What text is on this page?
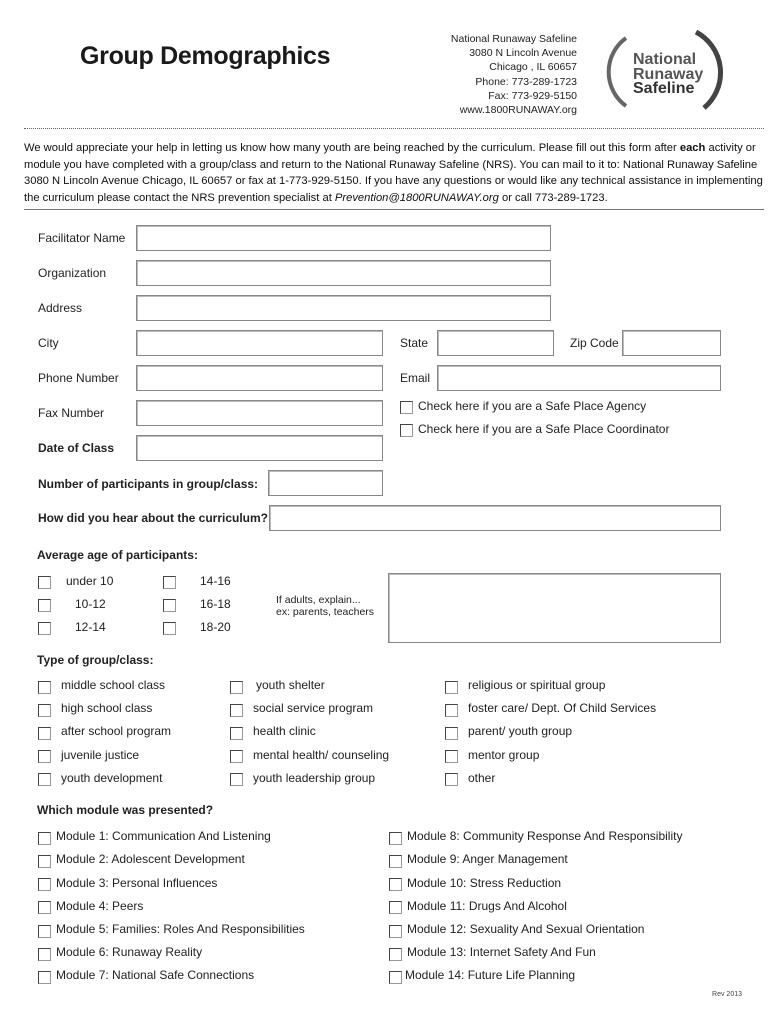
Group Demographics
National Runaway Safeline
3080 N Lincoln Avenue
Chicago , IL 60657
Phone: 773-289-1723
Fax: 773-929-5150
www.1800RUNAWAY.org
National
Runaway
Safeline
We would appreciate your help in letting us know how many youth are being reached by the curriculum. Please fill out this form after each activity or module you have completed with a group/class and return to the National Runaway Safeline (NRS). You can mail to it to: National Runaway Safeline 3080 N Lincoln Avenue Chicago, IL 60657 or fax at 1-773-929-5150. If you have any questions or would like any technical assistance in implementing the curriculum please contact the NRS prevention specialist at Prevention@1800RUNAWAY.org or call 773-289-1723.
Facilitator Name
Organization
Address
City	State	Zip Code
Phone Number	Email
Fax Number	Check here if you are a Safe Place Agency
Check here if you are a Safe Place Coordinator
Date of Class
Number of participants in group/class:
How did you hear about the curriculum?
Average age of participants:
under 10
10-12
12-14
14-16
16-18
18-20
If adults, explain...
ex: parents, teachers
Type of group/class:
middle school class
high school class
after school program
juvenile justice
youth development
youth shelter
social service program
health clinic
mental health/ counseling
youth leadership group
religious or spiritual group
foster care/ Dept. Of Child Services
parent/ youth group
mentor group
other
Which module was presented?
Module 1: Communication And Listening
Module 2: Adolescent Development
Module 3: Personal Influences
Module 4: Peers
Module 5: Families: Roles And Responsibilities
Module 6: Runaway Reality
Module 7: National Safe Connections
Module 8: Community Response And Responsibility
Module 9: Anger Management
Module 10: Stress Reduction
Module 11: Drugs And Alcohol
Module 12: Sexuality And Sexual Orientation
Module 13: Internet Safety And Fun
Module 14: Future Life Planning
Rev 2013
